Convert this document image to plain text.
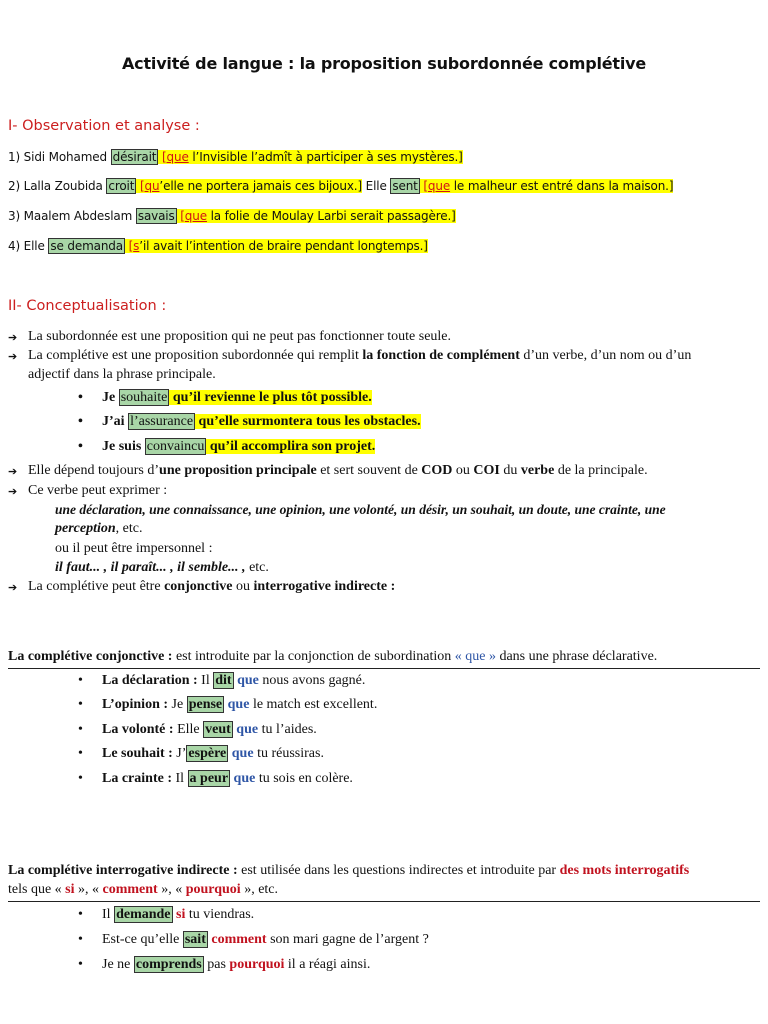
Activité de langue : la proposition subordonnée complétive
I- Observation et analyse :
1) Sidi Mohamed désirait [que l’Invisible l’admît à participer à ses mystères.]
2) Lalla Zoubida croit [qu’elle ne portera jamais ces bijoux.] Elle sent [que le malheur est entré dans la maison.]
3) Maalem Abdeslam savais [que la folie de Moulay Larbi serait passagère.]
4) Elle se demanda [s’il avait l’intention de braire pendant longtemps.]
II- Conceptualisation :
➔ La subordonnée est une proposition qui ne peut pas fonctionner toute seule.
➔ La complétive est une proposition subordonnée qui remplit la fonction de complément d’un verbe, d’un nom ou d’un
adjectif dans la phrase principale.
• Je souhaite qu’il revienne le plus tôt possible.
• J’ai l’assurance qu’elle surmontera tous les obstacles.
• Je suis convaincu qu’il accomplira son projet.
➔ Elle dépend toujours d’une proposition principale et sert souvent de COD ou COI du verbe de la principale.
➔ Ce verbe peut exprimer :
une déclaration, une connaissance, une opinion, une volonté, un désir, un souhait, un doute, une crainte, une
perception, etc.
ou il peut être impersonnel :
il faut... , il paraît... , il semble... , etc.
➔ La complétive peut être conjonctive ou interrogative indirecte :
La complétive conjonctive : est introduite par la conjonction de subordination « que » dans une phrase déclarative.
• La déclaration : Il dit que nous avons gagné.
• L’opinion : Je pense que le match est excellent.
• La volonté : Elle veut que tu l’aides.
• Le souhait : J’ espère que tu réussiras.
• La crainte : Il a peur que tu sois en colère.
La complétive interrogative indirecte : est utilisée dans les questions indirectes et introduite par des mots interrogatifs
tels que « si », « comment », « pourquoi », etc.
• Il demande si tu viendras.
• Est-ce qu’elle sait comment son mari gagne de l’argent ?
• Je ne comprends pas pourquoi il a réagi ainsi.
